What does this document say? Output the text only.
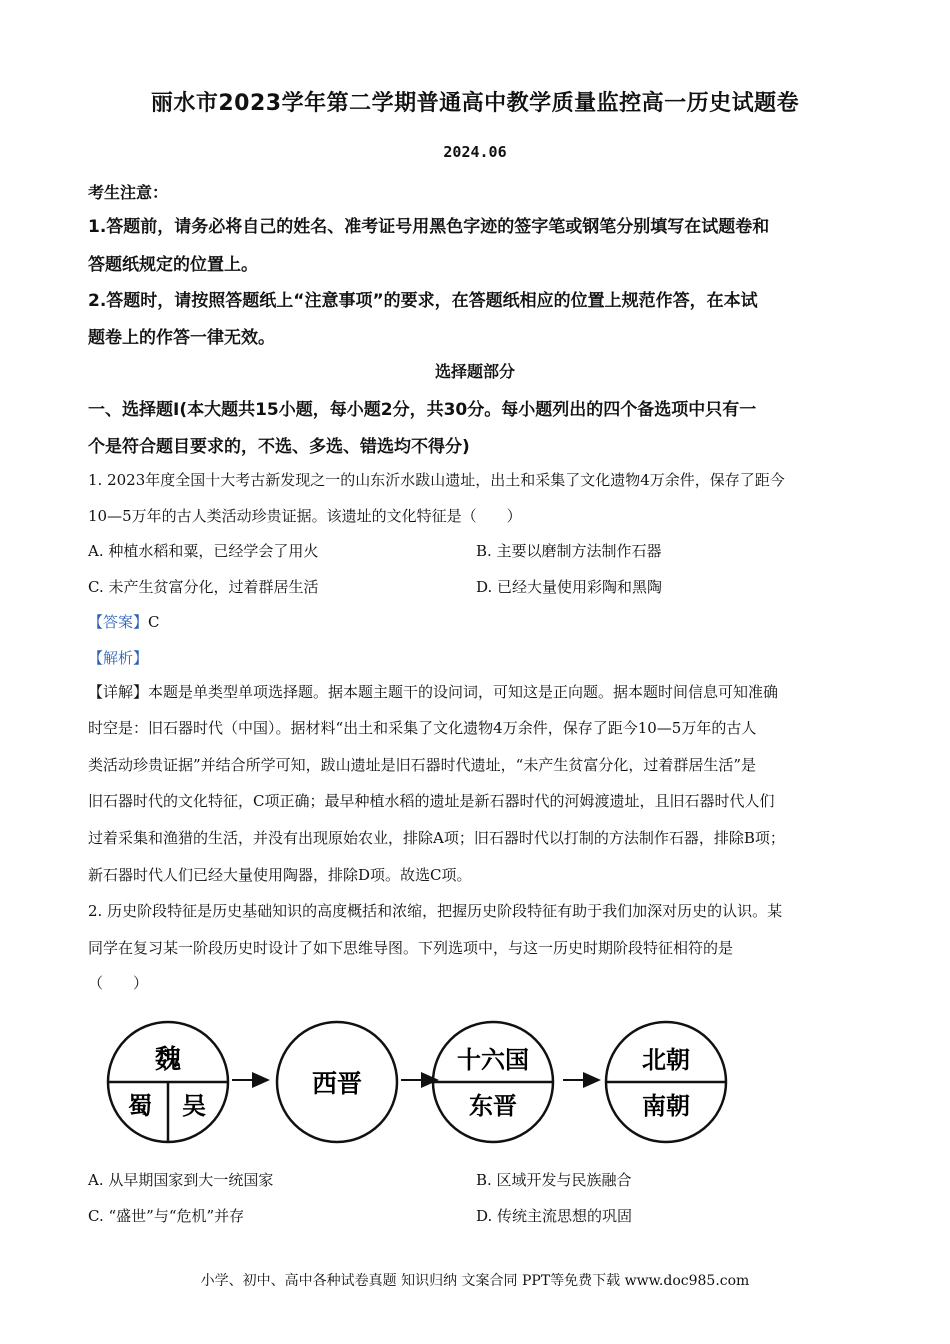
丽水市2023学年第二学期普通高中教学质量监控高一历史试题卷
2024.06
考生注意：
1.答题前，请务必将自己的姓名、准考证号用黑色字迹的签字笔或钢笔分别填写在试题卷和
答题纸规定的位置上。
2.答题时，请按照答题纸上“注意事项”的要求，在答题纸相应的位置上规范作答，在本试
题卷上的作答一律无效。
选择题部分
一、选择题Ⅰ(本大题共15小题，每小题2分，共30分。每小题列出的四个备选项中只有一
个是符合题目要求的，不选、多选、错选均不得分)
1. 2023年度全国十大考古新发现之一的山东沂水跋山遗址，出土和采集了文化遗物4万余件，保存了距今
10—5万年的古人类活动珍贵证据。该遗址的文化特征是（　　）
A. 种植水稻和粟，已经学会了用火	B. 主要以磨制方法制作石器
C. 未产生贫富分化，过着群居生活	D. 已经大量使用彩陶和黑陶
【答案】C
【解析】
【详解】本题是单类型单项选择题。据本题主题干的设问词，可知这是正向题。据本题时间信息可知准确
时空是：旧石器时代（中国）。据材料“出土和采集了文化遗物4万余件，保存了距今10—5万年的古人
类活动珍贵证据”并结合所学可知，跋山遗址是旧石器时代遗址，“未产生贫富分化，过着群居生活”是
旧石器时代的文化特征，C项正确；最早种植水稻的遗址是新石器时代的河姆渡遗址，且旧石器时代人们
过着采集和渔猎的生活，并没有出现原始农业，排除A项；旧石器时代以打制的方法制作石器，排除B项；
新石器时代人们已经大量使用陶器，排除D项。故选C项。
2. 历史阶段特征是历史基础知识的高度概括和浓缩，把握历史阶段特征有助于我们加深对历史的认识。某
同学在复习某一阶段历史时设计了如下思维导图。下列选项中，与这一历史时期阶段特征相符的是
（　　）
魏
蜀 吴
西晋
十六国
东晋
北朝
南朝
A. 从早期国家到大一统国家	B. 区域开发与民族融合
C. “盛世”与“危机”并存	D. 传统主流思想的巩固
小学、初中、高中各种试卷真题 知识归纳 文案合同 PPT等免费下载 www.doc985.com
